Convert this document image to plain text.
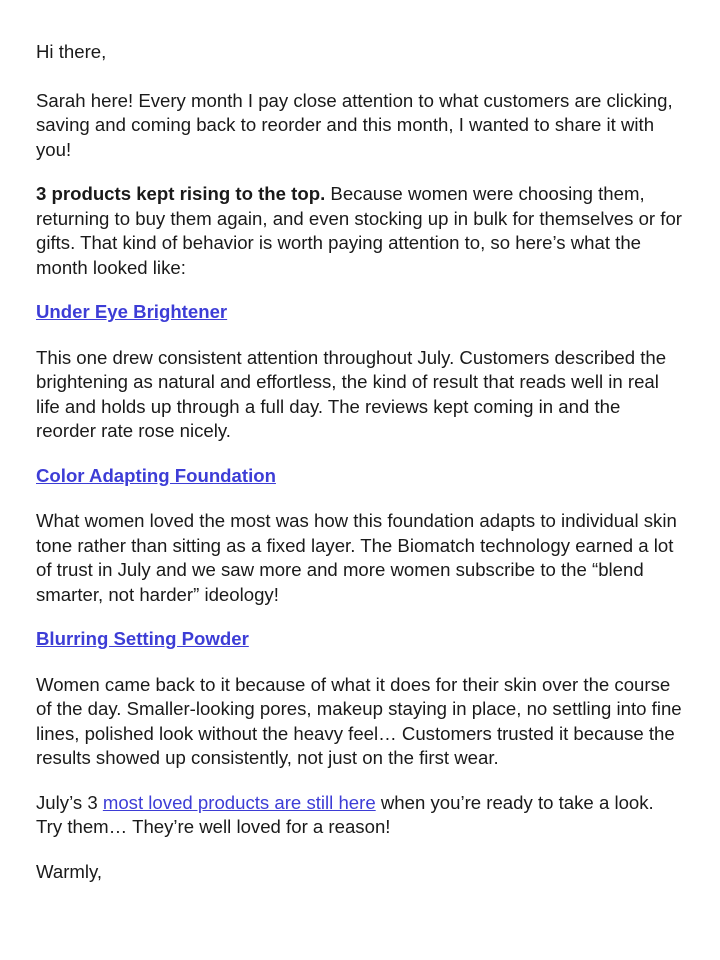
Hi there,

Sarah here! Every month I pay close attention to what customers are clicking, saving and coming back to reorder and this month, I wanted to share it with you!

3 products kept rising to the top. Because women were choosing them, returning to buy them again, and even stocking up in bulk for themselves or for gifts. That kind of behavior is worth paying attention to, so here’s what the month looked like:

Under Eye Brightener

This one drew consistent attention throughout July. Customers described the brightening as natural and effortless, the kind of result that reads well in real life and holds up through a full day. The reviews kept coming in and the reorder rate rose nicely.

Color Adapting Foundation

What women loved the most was how this foundation adapts to individual skin tone rather than sitting as a fixed layer. The Biomatch technology earned a lot of trust in July and we saw more and more women subscribe to the “blend smarter, not harder” ideology!

Blurring Setting Powder

Women came back to it because of what it does for their skin over the course of the day. Smaller-looking pores, makeup staying in place, no settling into fine lines, polished look without the heavy feel… Customers trusted it because the results showed up consistently, not just on the first wear.

July’s 3 most loved products are still here when you’re ready to take a look. Try them… They’re well loved for a reason!

Warmly,
